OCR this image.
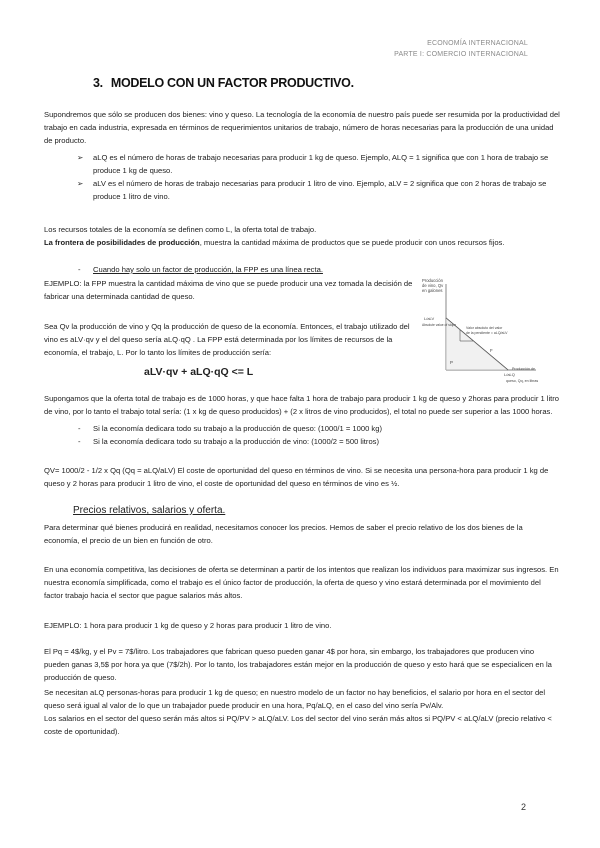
ECONOMÍA INTERNACIONAL
PARTE I: COMERCIO INTERNACIONAL
3. MODELO CON UN FACTOR PRODUCTIVO.
Supondremos que sólo se producen dos bienes: vino y queso. La tecnología de la economía de nuestro país puede ser resumida por la productividad del trabajo en cada industria, expresada en términos de requerimientos unitarios de trabajo, número de horas necesarias para la producción de una unidad de producto.
➢ aLQ es el número de horas de trabajo necesarias para producir 1 kg de queso. Ejemplo, ALQ = 1 significa que con 1 hora de trabajo se produce 1 kg de queso.
➢ aLV es el número de horas de trabajo necesarias para producir 1 litro de vino. Ejemplo, aLV = 2 significa que con 2 horas de trabajo se produce 1 litro de vino.
Los recursos totales de la economía se definen como L, la oferta total de trabajo.
La frontera de posibilidades de producción, muestra la cantidad máxima de productos que se puede producir con unos recursos fijos.
- Cuando hay solo un factor de producción, la FPP es una línea recta.
EJEMPLO: la FPP muestra la cantidad máxima de vino que se puede producir una vez tomada la decisión de fabricar una determinada cantidad de queso.
Sea Qv la producción de vino y Qq la producción de queso de la economía. Entonces, el trabajo utilizado del vino es aLV·qv y el del queso sería aLQ·qQ . La FPP está determinada por los límites de recursos de la economía, el trabajo, L. Por lo tanto los límites de producción sería:
aLV·qv + aLQ·qQ <= L
Producción
de vino, Qv
en galones
L/aLV
Absolute value of slope
Valor absoluto del valor
de la pendiente = aLQ/aLV
L/aLQ
Producción de
queso, Qq, en libras
P
F
Supongamos que la oferta total de trabajo es de 1000 horas, y que hace falta 1 hora de trabajo para producir 1 kg de queso y 2horas para producir 1 litro de vino, por lo tanto el trabajo total sería: (1 x kg de queso producidos) + (2 x litros de vino producidos), el total no puede ser superior a las 1000 horas.
- Si la economía dedicara todo su trabajo a la producción de queso: (1000/1 = 1000 kg)
- Si la economía dedicara todo su trabajo a la producción de vino: (1000/2 = 500 litros)
QV= 1000/2 - 1/2 x Qq (Qq = aLQ/aLV) El coste de oportunidad del queso en términos de vino. Si se necesita una persona-hora para producir 1 kg de queso y 2 horas para producir 1 litro de vino, el coste de oportunidad del queso en términos de vino es ½.
Precios relativos, salarios y oferta.
Para determinar qué bienes producirá en realidad, necesitamos conocer los precios. Hemos de saber el precio relativo de los dos bienes de la economía, el precio de un bien en función de otro.
En una economía competitiva, las decisiones de oferta se determinan a partir de los intentos que realizan los individuos para maximizar sus ingresos. En nuestra economía simplificada, como el trabajo es el único factor de producción, la oferta de queso y vino estará determinada por el movimiento del factor trabajo hacia el sector que pague salarios más altos.
EJEMPLO: 1 hora para producir 1 kg de queso y 2 horas para producir 1 litro de vino.
El Pq = 4$/kg, y el Pv = 7$/litro. Los trabajadores que fabrican queso pueden ganar 4$ por hora, sin embargo, los trabajadores que producen vino pueden ganas 3,5$ por hora ya que (7$/2h). Por lo tanto, los trabajadores están mejor en la producción de queso y esto hará que se especialicen en la producción de queso.
Se necesitan aLQ personas-horas para producir 1 kg de queso; en nuestro modelo de un factor no hay beneficios, el salario por hora en el sector del queso será igual al valor de lo que un trabajador puede producir en una hora, Pq/aLQ, en el caso del vino sería Pv/Alv.
Los salarios en el sector del queso serán más altos si PQ/PV > aLQ/aLV. Los del sector del vino serán más altos si PQ/PV < aLQ/aLV (precio relativo < coste de oportunidad).
2
